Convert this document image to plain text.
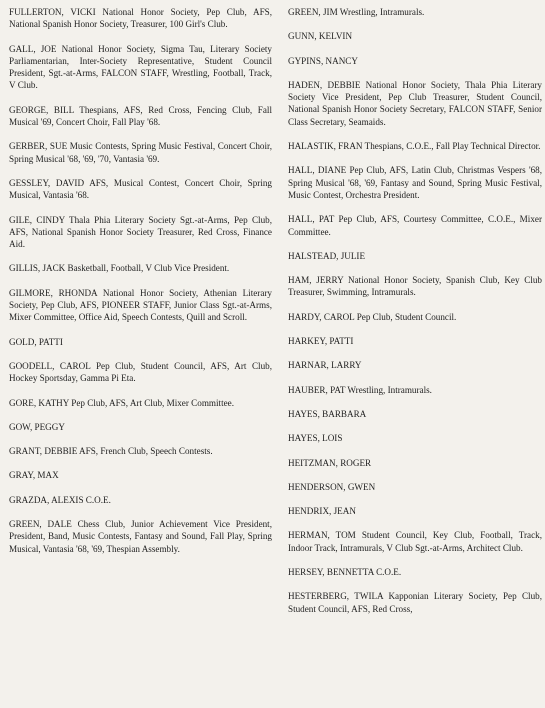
FULLERTON, VICKI National Honor Society, Pep Club, AFS, National Spanish Honor Society, Treasurer, 100 Girl's Club.

GALL, JOE National Honor Society, Sigma Tau, Literary Society Parliamentarian, Inter-Society Representative, Student Council President, Sgt.-at-Arms, FALCON STAFF, Wrestling, Football, Track, V Club.

GEORGE, BILL Thespians, AFS, Red Cross, Fencing Club, Fall Musical '69, Concert Choir, Fall Play '68.

GERBER, SUE Music Contests, Spring Music Festival, Concert Choir, Spring Musical '68, '69, '70, Vantasia '69.

GESSLEY, DAVID AFS, Musical Contest, Concert Choir, Spring Musical, Vantasia '68.

GILE, CINDY Thala Phia Literary Society Sgt.-at-Arms, Pep Club, AFS, National Spanish Honor Society Treasurer, Red Cross, Finance Aid.

GILLIS, JACK Basketball, Football, V Club Vice President.

GILMORE, RHONDA National Honor Society, Athenian Literary Society, Pep Club, AFS, PIONEER STAFF, Junior Class Sgt.-at-Arms, Mixer Committee, Office Aid, Speech Contests, Quill and Scroll.

GOLD, PATTI

GOODELL, CAROL Pep Club, Student Council, AFS, Art Club, Hockey Sportsday, Gamma Pi Eta.

GORE, KATHY Pep Club, AFS, Art Club, Mixer Committee.

GOW, PEGGY

GRANT, DEBBIE AFS, French Club, Speech Contests.

GRAY, MAX

GRAZDA, ALEXIS C.O.E.

GREEN, DALE Chess Club, Junior Achievement Vice President, President, Band, Music Contests, Fantasy and Sound, Fall Play, Spring Musical, Vantasia '68, '69, Thespian Assembly.

GREEN, JIM Wrestling, Intramurals.

GUNN, KELVIN

GYPINS, NANCY

HADEN, DEBBIE National Honor Society, Thala Phia Literary Society Vice President, Pep Club Treasurer, Student Council, National Spanish Honor Society Secretary, FALCON STAFF, Senior Class Secretary, Seamaids.

HALASTIK, FRAN Thespians, C.O.E., Fall Play Technical Director.

HALL, DIANE Pep Club, AFS, Latin Club, Christmas Vespers '68, Spring Musical '68, '69, Fantasy and Sound, Spring Music Festival, Music Contest, Orchestra President.

HALL, PAT Pep Club, AFS, Courtesy Committee, C.O.E., Mixer Committee.

HALSTEAD, JULIE

HAM, JERRY National Honor Society, Spanish Club, Key Club Treasurer, Swimming, Intramurals.

HARDY, CAROL Pep Club, Student Council.

HARKEY, PATTI

HARNAR, LARRY

HAUBER, PAT Wrestling, Intramurals.

HAYES, BARBARA

HAYES, LOIS

HEITZMAN, ROGER

HENDERSON, GWEN

HENDRIX, JEAN

HERMAN, TOM Student Council, Key Club, Football, Track, Indoor Track, Intramurals, V Club Sgt.-at-Arms, Architect Club.

HERSEY, BENNETTA C.O.E.

HESTERBERG, TWILA Kapponian Literary Society, Pep Club, Student Council, AFS, Red Cross,
